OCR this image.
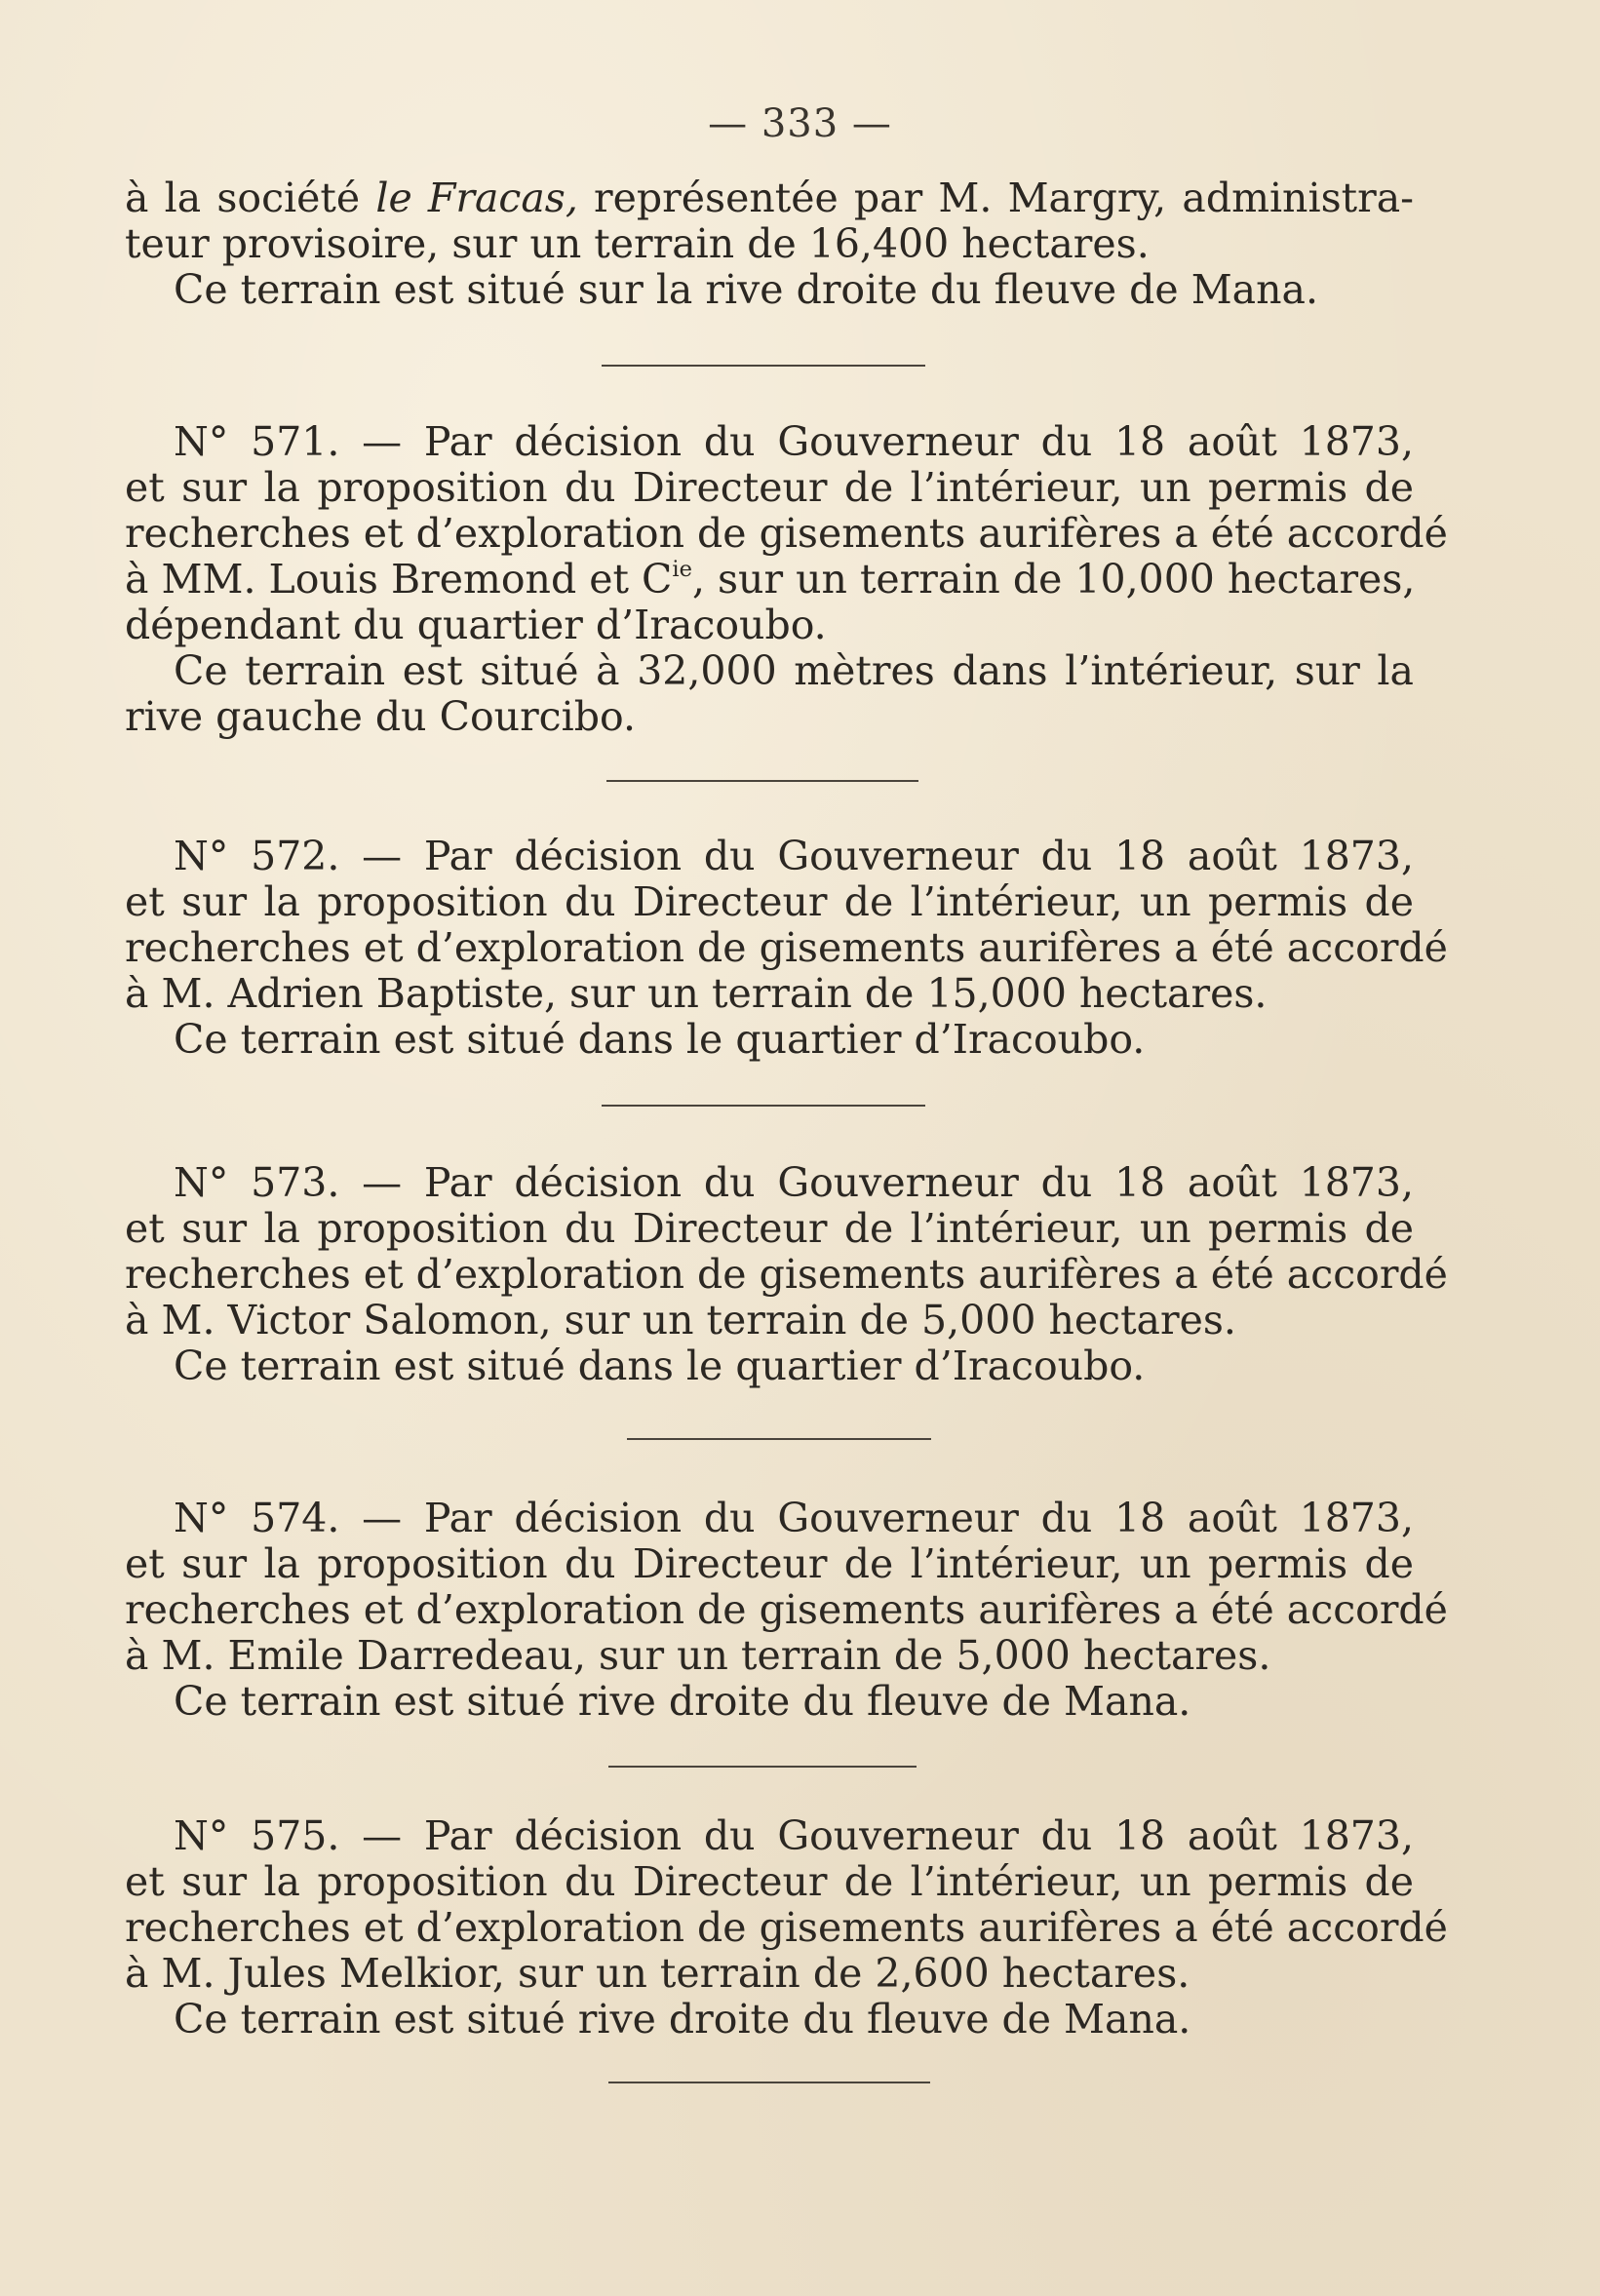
— 333 —
à la société le Fracas, représentée par M. Margry, administra-
teur provisoire, sur un terrain de 16,400 hectares.
Ce terrain est situé sur la rive droite du fleuve de Mana.
N° 571. — Par décision du Gouverneur du 18 août 1873,
et sur la proposition du Directeur de l’intérieur, un permis de
recherches et d’exploration de gisements aurifères a été accordé
à MM. Louis Bremond et $C^{ie}$, sur un terrain de 10,000 hectares,
dépendant du quartier d’Iracoubo.
Ce terrain est situé à 32,000 mètres dans l’intérieur, sur la
rive gauche du Courcibo.
N° 572. — Par décision du Gouverneur du 18 août 1873,
et sur la proposition du Directeur de l’intérieur, un permis de
recherches et d’exploration de gisements aurifères a été accordé
à M. Adrien Baptiste, sur un terrain de 15,000 hectares.
Ce terrain est situé dans le quartier d’Iracoubo.
N° 573. — Par décision du Gouverneur du 18 août 1873,
et sur la proposition du Directeur de l’intérieur, un permis de
recherches et d’exploration de gisements aurifères a été accordé
à M. Victor Salomon, sur un terrain de 5,000 hectares.
Ce terrain est situé dans le quartier d’Iracoubo.
N° 574. — Par décision du Gouverneur du 18 août 1873,
et sur la proposition du Directeur de l’intérieur, un permis de
recherches et d’exploration de gisements aurifères a été accordé
à M. Emile Darredeau, sur un terrain de 5,000 hectares.
Ce terrain est situé rive droite du fleuve de Mana.
N° 575. — Par décision du Gouverneur du 18 août 1873,
et sur la proposition du Directeur de l’intérieur, un permis de
recherches et d’exploration de gisements aurifères a été accordé
à M. Jules Melkior, sur un terrain de 2,600 hectares.
Ce terrain est situé rive droite du fleuve de Mana.
